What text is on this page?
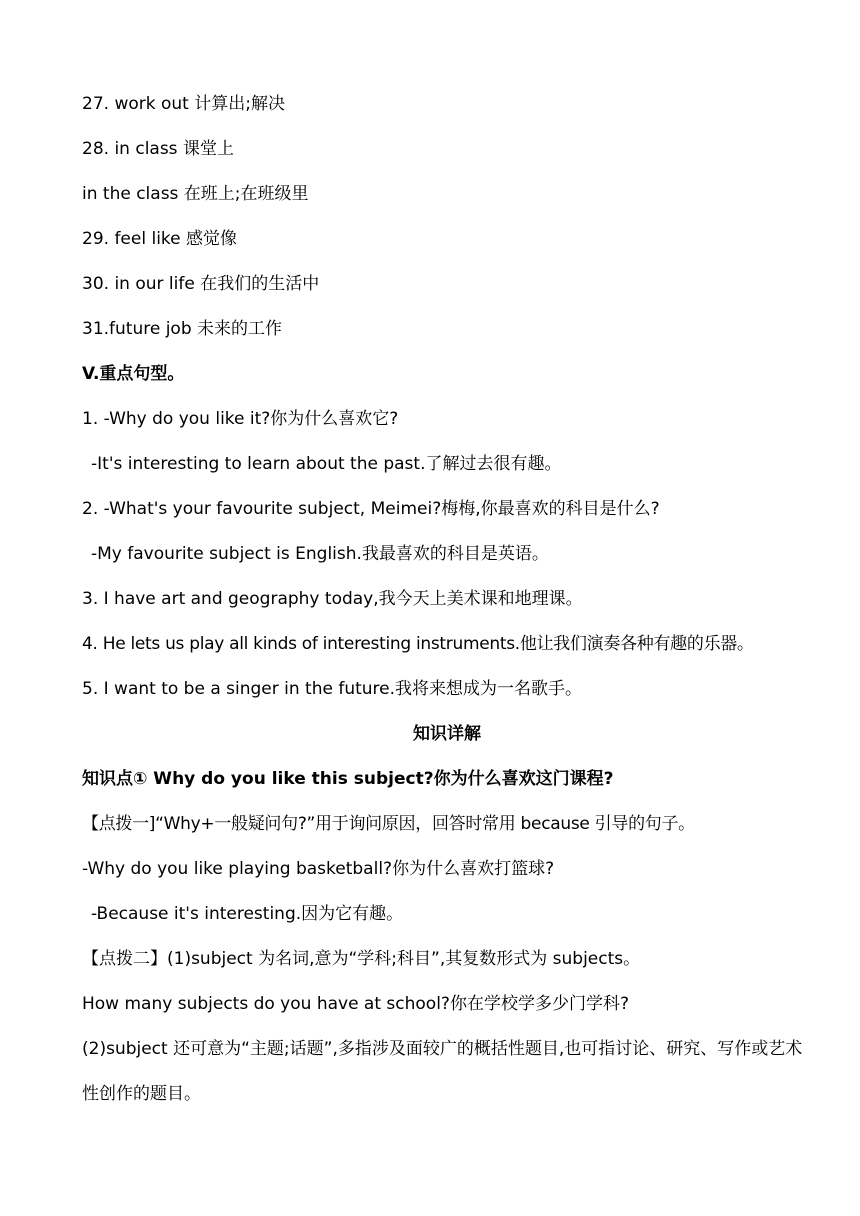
27. work out 计算出;解决
28. in class 课堂上
in the class 在班上;在班级里
29. feel like 感觉像
30. in our life 在我们的生活中
31.future job 未来的工作
V.重点句型。
1. -Why do you like it?你为什么喜欢它?
-It's interesting to learn about the past.了解过去很有趣。
2. -What's your favourite subject, Meimei?梅梅,你最喜欢的科目是什么?
-My favourite subject is English.我最喜欢的科目是英语。
3. I have art and geography today,我今天上美术课和地理课。
4. He lets us play all kinds of interesting instruments.他让我们演奏各种有趣的乐器。
5. I want to be a singer in the future.我将来想成为一名歌手。
知识详解
知识点① Why do you like this subject?你为什么喜欢这门课程?
【点拨一]“Why+一般疑问句?”用于询问原因，回答时常用 because 引导的句子。
-Why do you like playing basketball?你为什么喜欢打篮球?
-Because it's interesting.因为它有趣。
【点拨二】(1)subject 为名词,意为“学科;科目”,其复数形式为 subjects。
How many subjects do you have at school?你在学校学多少门学科?
(2)subject 还可意为“主题;话题”,多指涉及面较广的概括性题目,也可指讨论、研究、写作或艺术性创作的题目。
